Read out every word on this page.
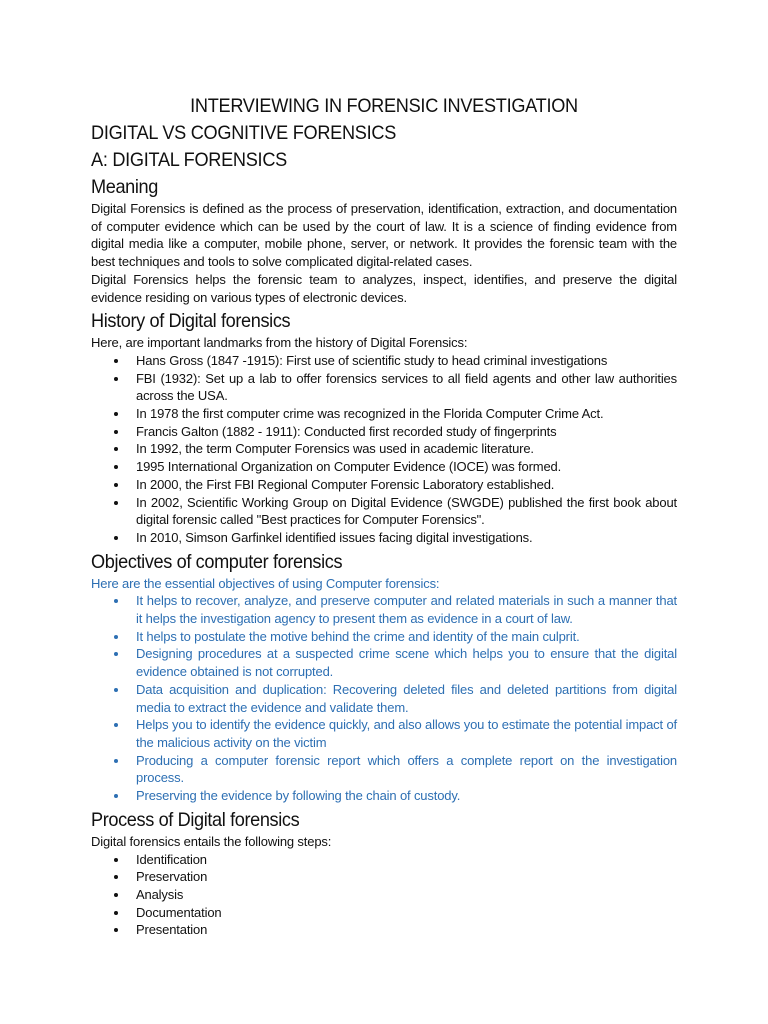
INTERVIEWING IN FORENSIC INVESTIGATION
DIGITAL VS COGNITIVE FORENSICS
A: DIGITAL FORENSICS
Meaning

Digital Forensics is defined as the process of preservation, identification, extraction, and documentation of computer evidence which can be used by the court of law. It is a science of finding evidence from digital media like a computer, mobile phone, server, or network. It provides the forensic team with the best techniques and tools to solve complicated digital-related cases.

Digital Forensics helps the forensic team to analyzes, inspect, identifies, and preserve the digital evidence residing on various types of electronic devices.

History of Digital forensics

Here, are important landmarks from the history of Digital Forensics:

Hans Gross (1847 -1915): First use of scientific study to head criminal investigations
FBI (1932): Set up a lab to offer forensics services to all field agents and other law authorities across the USA.
In 1978 the first computer crime was recognized in the Florida Computer Crime Act.
Francis Galton (1882 - 1911): Conducted first recorded study of fingerprints
In 1992, the term Computer Forensics was used in academic literature.
1995 International Organization on Computer Evidence (IOCE) was formed.
In 2000, the First FBI Regional Computer Forensic Laboratory established.
In 2002, Scientific Working Group on Digital Evidence (SWGDE) published the first book about digital forensic called "Best practices for Computer Forensics".
In 2010, Simson Garfinkel identified issues facing digital investigations.
Objectives of computer forensics

Here are the essential objectives of using Computer forensics:

It helps to recover, analyze, and preserve computer and related materials in such a manner that it helps the investigation agency to present them as evidence in a court of law.
It helps to postulate the motive behind the crime and identity of the main culprit.
Designing procedures at a suspected crime scene which helps you to ensure that the digital evidence obtained is not corrupted.
Data acquisition and duplication: Recovering deleted files and deleted partitions from digital media to extract the evidence and validate them.
Helps you to identify the evidence quickly, and also allows you to estimate the potential impact of the malicious activity on the victim
Producing a computer forensic report which offers a complete report on the investigation process.
Preserving the evidence by following the chain of custody.
Process of Digital forensics

Digital forensics entails the following steps:

Identification
Preservation
Analysis
Documentation
Presentation
